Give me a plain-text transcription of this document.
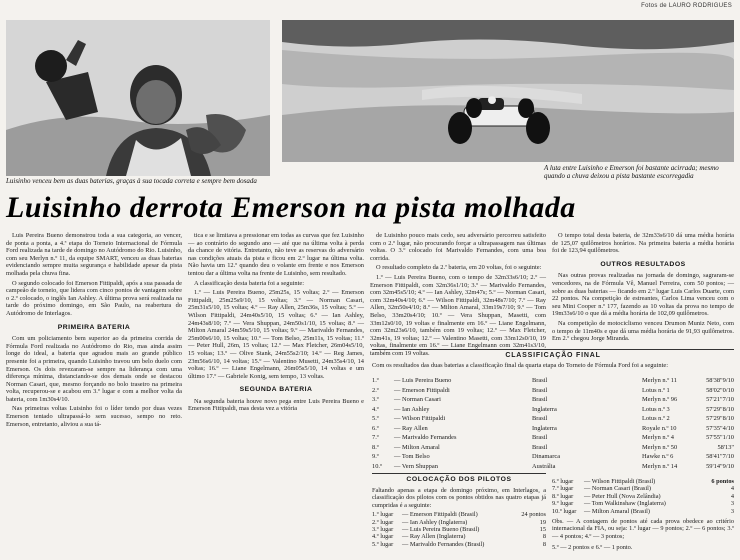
Fotos de LAURO RODRIGUES
Luisinho venceu bem as duas baterias, graças à sua tocada correta e sempre bem dosada
A luta entre Luisinho e Emerson foi bastante acirrada; mesmo quando a chuva deixou a pista bastante escorregadia
Luisinho derrota Emerson na pista molhada

Luis Pereira Bueno demonstrou toda a sua categoria, ao vencer, de ponta a ponta, a 4.ª etapa do Torneio Internacional de Fórmula Ford realizada na tarde de domingo no Autódromo do Rio. Luisinho, com seu Merlyn n.º 11, da equipe SMART, venceu as duas baterias evidenciando sempre muita segurança e habilidade apesar da pista molhada pela chuva fina.

O segundo colocado foi Emerson Fittipaldi, após a sua passada de campeão de torneio, que lidera com cinco pontos de vantagem sobre o 2.º colocado, o inglês Ian Ashley. A última prova será realizada na tarde do próximo domingo, em São Paulo, na reabertura do Autódromo de Interlagos.

PRIMEIRA BATERIA

Com um policiamento bem superior ao da primeira corrida de Fórmula Ford realizada no Autódromo do Rio, mas ainda assim longe do ideal, a bateria que agradou mais ao grande público presente foi a primeira, quando Luisinho travou um belo duelo com Emerson. Os dois revezaram-se sempre na liderança com uma diferença mínima, distanciando-se dos demais onde se destacou Norman Casari, que, mesmo forçando no bolo traseiro na primeira volta, recuperou-se e acabou em 3.º lugar e com a melhor volta da bateria, com 1m30s4/10.

Nas primeiras voltas Luisinho foi o líder tendo por duas vezes Emerson tentado ultrapassá-lo sem sucesso, sempo no reto. Emerson, entretanto, aliviou a sua tá-

tica e se limitava a pressionar em todas as curvas que fez Luisinho — ao contrário do segundo ano — até que na última volta à perda da chance de vitória. Entretanto, não teve as reservas do adversário nas condições atuais da pista e ficou em 2.º lugar na última volta. Não havia um 12.º quando deu o volante em frente e nos Emerson tentou dar a última volta na frente de Luisinho, sem resultado.

A classificação desta bateria foi a seguinte:

1.º — Luis Pereira Bueno, 25m25s, 15 voltas; 2.º — Emerson Fittipaldi, 25m25s9/10, 15 voltas; 3.º — Norman Casari, 25m31s5/10, 15 voltas; 4.º — Ray Allen, 25m36s, 15 voltas; 5.º — Wilson Fittipaldi, 24m40s5/10, 15 voltas; 6.º — Ian Ashley, 24m43s8/10; 7.º — Vera Shuppan, 24m50s1/10, 15 voltas; 8.º — Milton Amaral 24m59s5/10, 15 voltas; 9.º — Marivaldo Fernandes, 25m00s6/10, 15 voltas; 10.º — Tom Belso, 25m11s, 15 voltas; 11.º — Peter Hull, 26m, 15 voltas; 12.º — Max Fletcher, 26m04s5/10, 15 voltas; 13.º — Olive Stank, 24m55s2/10; 14.º — Reg James, 23m56s6/10, 14 voltas; 15.º — Valentino Musetti, 24m35s4/10, 14 voltas; 16.º — Liane Engelmann, 26m05s5/10, 14 voltas e um último 17.º — Gabriele Konig, sem tempo, 13 voltas.

SEGUNDA BATERIA

Na segunda bateria houve novo pega entre Luis Pereira Bueno e Emerson Fittipaldi, mas desta vez a vitória

de Luisinho pouco mais cedo, seu adversário percorreu satisfeito com o 2.º lugar, não procurando forçar a ultrapassagem nas últimas voltas. O 3.º colocado foi Marivaldo Fernandes, com uma boa corrida.

O resultado completo da 2.ª bateria, em 20 voltas, foi o seguinte:

1.º — Luis Pereira Bueno, com o tempo de 32m33s6/10; 2.º — Emerson Fittipaldi, com 32m36s1/10; 3.º — Marivaldo Fernandes, com 32m45s5/10; 4.º — Ian Ashley, 32m47s; 5.º — Norman Casari, com 32m40s4/10; 6.º — Wilson Fittipaldi, 32m48s7/10; 7.º — Ray Allen, 32m50s4/10; 8.º — Milton Amaral, 33m19s7/10; 9.º — Tom Belso, 33m20s4/10; 10.º — Vera Shuppan, Masetti, com 33m12s0/10, 19 voltas e finalmente em 16.º — Liane Engelmann, com 32m23s6/10, também com 19 voltas; 12.º — Max Fletcher, 32m41s, 19 voltas; 12.º — Valentino Masetti, com 33m12s0/10, 19 voltas, finalmente em 16.º — Liane Engelmann com 32m41s3/10, também com 19 voltas.

O tempo total desta bateria, de 32m33s6/10 dá uma média horária de 125,07 quilômetros horários. Na primeira bateria a média horária foi de 123,94 quilômetros.

OUTROS RESULTADOS

Nas outras provas realizadas na jornada de domingo, sagraram-se vencedores, na de Fórmula Vê, Manuel Ferreira, com 50 pontos; — sobre as duas baterias — ficando em 2.º lugar Luis Carlos Duarte, com 22 pontos. Na competição de estreantes, Carlos Lima venceu com o seu Mini Cooper n.º 177, fazendo as 10 voltas da prova no tempo de 19m33s6/10 o que dá a média horária de 102,09 quilômetros.

Na competição de motociclismo venceu Drumon Muniz Neto, com o tempo de 11m40s e que dá uma média horária de 91,93 quilômetros. Em 2.º chegou Jorge Miranda.

CLASSIFICAÇÃO FINAL
Com os resultados das duas baterias a classificação final da quarta etapa do Torneio de Fórmula Ford foi a seguinte:
1.º — Luis Pereira Bueno	Brasil	Merlyn n.º 11	58'38"9/10
2.º — Emerson Fittipaldi	Brasil	Lotus n.º 1	58'02"0/10
3.º — Norman Casari	Brasil	Merlyn n.º 96	57'21"7/10
4.º — Ian Ashley	Inglaterra	Lotus n.º 3	57'29"8/10
5.º — Wilson Fittipaldi	Brasil	Lotus n.º 2	57'29"8/10
6.º — Ray Allen	Inglaterra	Royale n.º 10	57'35"4/10
7.º — Marivaldo Fernandes	Brasil	Merlyn n.º 4	57'55"1/10
8.º — Milton Amaral	Brasil	Merlyn n.º 50	58'13"
9.º — Tom Belso	Dinamarca	Hawke n.º 6	58'41"7/10
10.º — Vern Shuppan	Austrália	Merlyn n.º 14	59'14"9/10
COLOCAÇÃO DOS PILOTOS
Faltando apenas a etapa de domingo próximo, em Interlagos, a classificação dos pilotos com os pontos obtidos nas quatro etapas já cumpridas é a seguinte:
1.º lugar — Emerson Fittipaldi (Brasil)	24 pontos
2.º lugar — Ian Ashley (Inglaterra)	19
3.º lugar — Luis Pereira Bueno (Brasil)	15
4.º lugar — Ray Allen (Inglaterra)	8
5.º lugar — Marivaldo Fernandes (Brasil)	8
6.º lugar — Wilson Fittipaldi (Brasil)	6 pontos
7.º lugar — Norman Casari (Brasil)	4
8.º lugar — Peter Hull (Nova Zelândia)	4
9.º lugar — Tom Walkinshaw (Inglaterra)	3
10.º lugar — Milton Amaral (Brasil)	3
Obs. — A contagem de pontos até cada prova obedece ao critério internacional da FIA, ou seja: 1.º lugar — 9 pontos; 2.º — 6 pontos; 3.º — 4 pontos; 4.º — 3 pontos;
5.º — 2 pontos e 6.º — 1 ponto.
